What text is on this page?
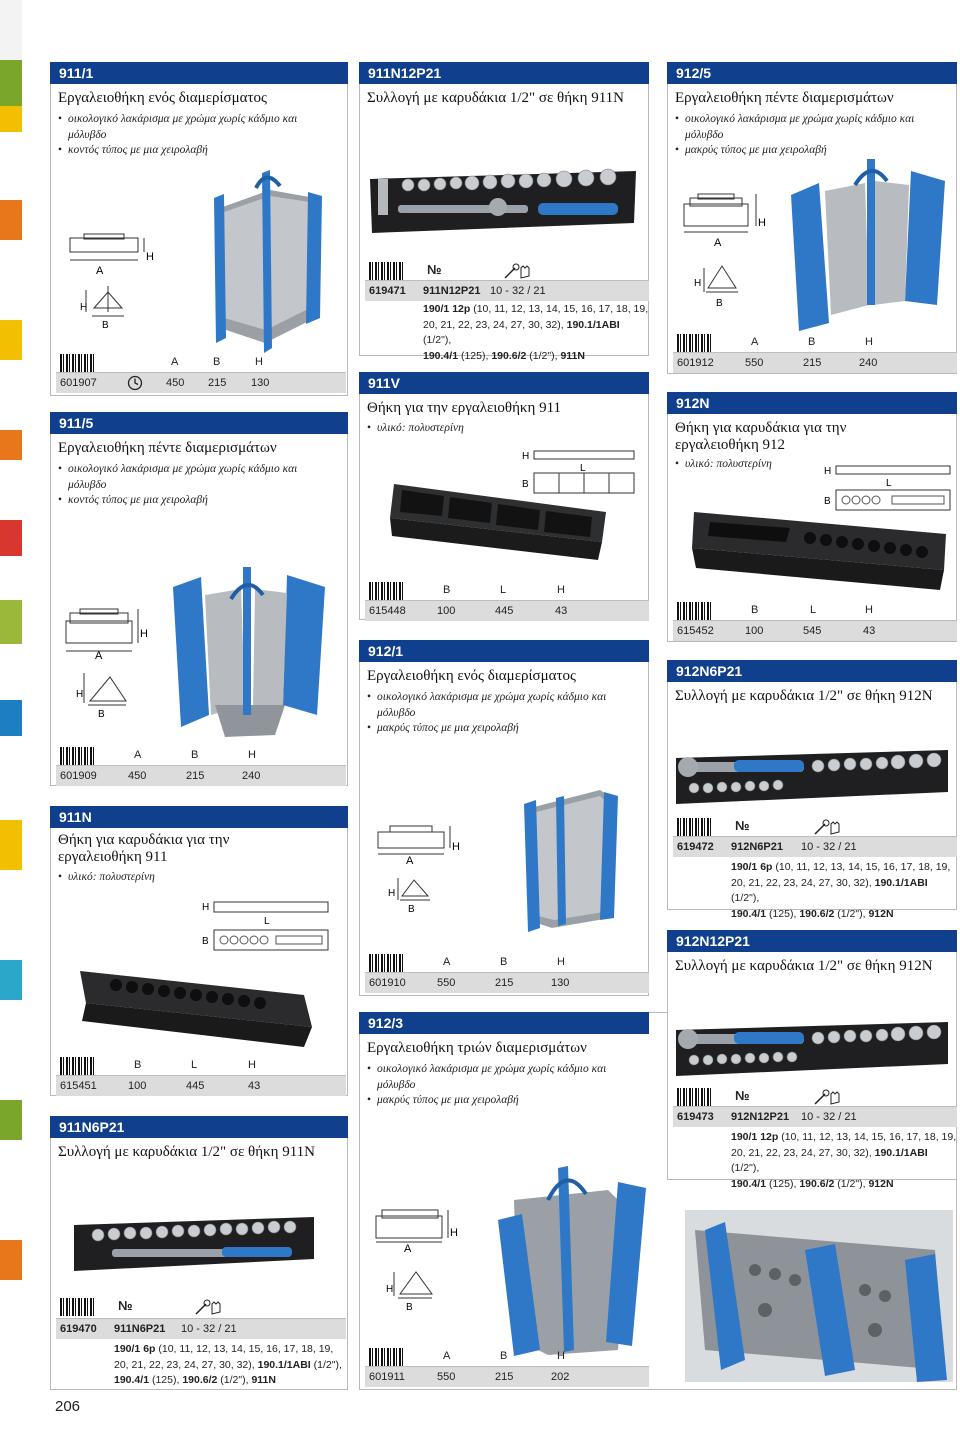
911/1
Εργαλειοθήκη ενός διαμερίσματος
• οικολογικό λακάρισμα με χρώμα χωρίς κάδμιο και
μόλυβδο
• κοντός τύπος με μια χειρολαβή
A
H
H
B
A	B	H
601907	450 215 130
911/5
Εργαλειοθήκη πέντε διαμερισμάτων
• οικολογικό λακάρισμα με χρώμα χωρίς κάδμιο και
μόλυβδο
• κοντός τύπος με μια χειρολαβή
A
H
H
B
A	B	H
601909	450	215	240
911N
Θήκη για καρυδάκια για την
εργαλειοθήκη 911
• υλικό: πολυστερίνη
H
L
B
B	L	H
615451	100	445	43
911N6P21
Συλλογή με καρυδάκια 1/2" σε θήκη 911N
№
619470 911N6P21 10 - 32 / 21
190/1 6p (10, 11, 12, 13, 14, 15, 16, 17, 18, 19,
20, 21, 22, 23, 24, 27, 30, 32), 190.1/1ABI (1/2"),
190.4/1 (125), 190.6/2 (1/2"), 911N
206
911N12P21
Συλλογή με καρυδάκια 1/2" σε θήκη 911N
№
619471 911N12P21 10 - 32 / 21
190/1 12p (10, 11, 12, 13, 14, 15, 16, 17, 18, 19,
20, 21, 22, 23, 24, 27, 30, 32), 190.1/1ABI (1/2"),
190.4/1 (125), 190.6/2 (1/2"), 911N
911V
Θήκη για την εργαλειοθήκη 911
• υλικό: πολυστερίνη
H
L
B
B	L	H
615448	100	445	43
912/1
Εργαλειοθήκη ενός διαμερίσματος
• οικολογικό λακάρισμα με χρώμα χωρίς κάδμιο και
μόλυβδο
• μακρύς τύπος με μια χειρολαβή
A
H
H
B
A	B	H
601910	550	215	130
912/3
Εργαλειοθήκη τριών διαμερισμάτων
• οικολογικό λακάρισμα με χρώμα χωρίς κάδμιο και
μόλυβδο
• μακρύς τύπος με μια χειρολαβή
A
H
H
B
A	B	H
601911	550	215	202
912/5
Εργαλειοθήκη πέντε διαμερισμάτων
• οικολογικό λακάρισμα με χρώμα χωρίς κάδμιο και
μόλυβδο
• μακρύς τύπος με μια χειρολαβή
A
H
H
B
A	B	H
601912	550	215	240
912N
Θήκη για καρυδάκια για την
εργαλειοθήκη 912
• υλικό: πολυστερίνη
H
L
B
B	L	H
615452	100	545	43
912N6P21
Συλλογή με καρυδάκια 1/2" σε θήκη 912N
№
619472 912N6P21 10 - 32 / 21
190/1 6p (10, 11, 12, 13, 14, 15, 16, 17, 18, 19,
20, 21, 22, 23, 24, 27, 30, 32), 190.1/1ABI (1/2"),
190.4/1 (125), 190.6/2 (1/2"), 912N
912N12P21
Συλλογή με καρυδάκια 1/2" σε θήκη 912N
№
619473 912N12P21 10 - 32 / 21
190/1 12p (10, 11, 12, 13, 14, 15, 16, 17, 18, 19,
20, 21, 22, 23, 24, 27, 30, 32), 190.1/1ABI (1/2"),
190.4/1 (125), 190.6/2 (1/2"), 912N
